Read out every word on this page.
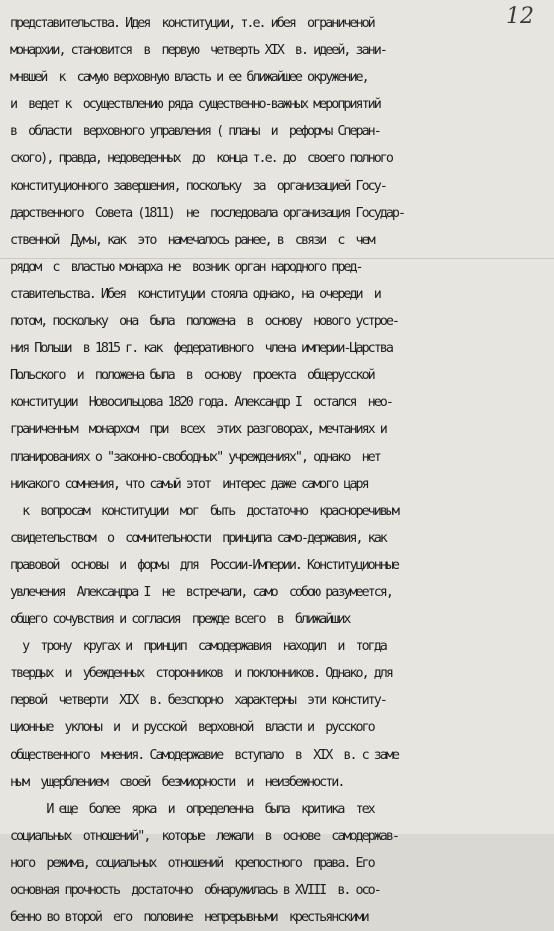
12
представительства. Идея  конституции, т.е. ибея  ограниченой
монархии, становится  в  первую  четверть XIX  в. идеей, зани-
мнвшей  к  самую верховную власть и ее ближайшее окружение,
и  ведет к  осуществлению ряда существенно-важных мероприятий
в  области  верховного управления ( планы  и  реформы Сперан-
ского), правда, недоведенных  до  конца т.е. до  своего полного
конституционного завершения, поскольку  за  организацией Госу-
дарственного  Совета (1811)  не  последовала организация Государ-
ственной  Думы, как  это  намечалось ранее, в  связи  с  чем
рядом  с  властью монарха не  возник орган народного пред-
ставительства. Ибея  конституции стояла однако, на очереди  и
потом, поскольку  она  была  положена  в  основу  нового устрое-
ния Польши  в 1815 г. как  федеративного  члена империи-Царства
Польского  и  положена была  в  основу  проекта  общерусской
конституции  Новосильцова 1820 года. Александр I  остался  нео-
граниченным  монархом  при  всех  этих разговорах, мечтаниях и
планированиях о "законно-свободных" учреждениях", однако  нет
никакого сомнения, что самый этот  интерес даже самого царя
к  вопросам  конституции  мог  быть  достаточно  красноречивым
свидетельством  о  сомнительности  принципа само-державия, как
правовой  основы  и  формы  для  России-Империи. Конституционные
увлечения  Александра I  не  встречали, само  собою разумеется,
общего сочувствия и согласия  прежде всего  в  ближайших
у  трону  кругах и  принцип  самодержавия  находил  и  тогда
твердых  и  убежденных  сторонников  и поклонников. Однако, для
первой  четверти  XIX  в. безспорно  характерны  эти конститу-
ционные  уклоны  и  и русской  верховной  власти и  русского
общественного  мнения. Самодержавие  вступало  в  XIX  в. с заме
ным  ущерблением  своей  безмиорности  и  неизбежности.
И еще  более  ярка  и  определенна  была  критика  тех
социальных  отношений",  которые  лежали  в  основе  самодержав-
ного  режима, социальных  отношений  крепостного  права. Его
основная прочность  достаточно  обнаружилась в XVIII  в. осо-
бенно во второй  его  половине  непрерывными  крестьянскими
